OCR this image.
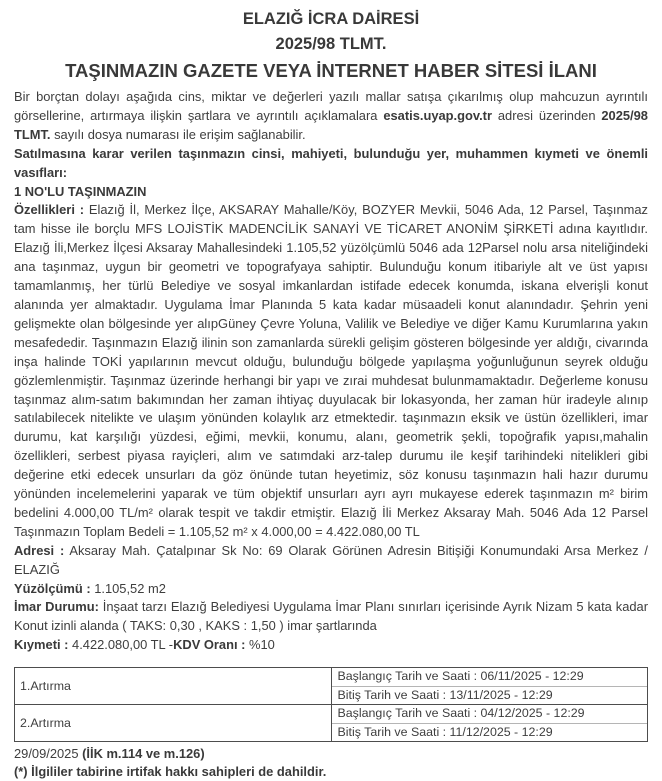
ELAZIĞ İCRA DAİRESİ

2025/98 TLMT.

TAŞINMAZIN GAZETE VEYA İNTERNET HABER SİTESİ İLANI

Bir borçtan dolayı aşağıda cins, miktar ve değerleri yazılı mallar satışa çıkarılmış olup mahcuzun ayrıntılı görsellerine, artırmaya ilişkin şartlara ve ayrıntılı açıklamalara esatis.uyap.gov.tr adresi üzerinden 2025/98 TLMT. sayılı dosya numarası ile erişim sağlanabilir.

Satılmasına karar verilen taşınmazın cinsi, mahiyeti, bulunduğu yer, muhammen kıymeti ve önemli vasıfları:

1 NO'LU TAŞINMAZIN

Özellikleri : Elazığ İl, Merkez İlçe, AKSARAY Mahalle/Köy, BOZYER Mevkii, 5046 Ada, 12 Parsel, Taşınmaz tam hisse ile borçlu MFS LOJİSTİK MADENCİLİK SANAYİ VE TİCARET ANONİM ŞİRKETİ adına kayıtlıdır. Elazığ İli,Merkez İlçesi Aksaray Mahallesindeki 1.105,52 yüzölçümlü 5046 ada 12Parsel nolu arsa niteliğindeki ana taşınmaz, uygun bir geometri ve topografyaya sahiptir. Bulunduğu konum itibariyle alt ve üst yapısı tamamlanmış, her türlü Belediye ve sosyal imkanlardan istifade edecek konumda, iskana elverişli konut alanında yer almaktadır. Uygulama İmar Planında 5 kata kadar müsaadeli konut alanındadır. Şehrin yeni gelişmekte olan bölgesinde yer alıpGüney Çevre Yoluna, Valilik ve Belediye ve diğer Kamu Kurumlarına yakın mesafededir. Taşınmazın Elazığ ilinin son zamanlarda sürekli gelişim gösteren bölgesinde yer aldığı, civarında inşa halinde TOKİ yapılarının mevcut olduğu, bulunduğu bölgede yapılaşma yoğunluğunun seyrek olduğu gözlemlenmiştir. Taşınmaz üzerinde herhangi bir yapı ve zırai muhdesat bulunmamaktadır. Değerleme konusu taşınmaz alım-satım bakımından her zaman ihtiyaç duyulacak bir lokasyonda, her zaman hür iradeyle alınıp satılabilecek nitelikte ve ulaşım yönünden kolaylık arz etmektedir. taşınmazın eksik ve üstün özellikleri, imar durumu, kat karşılığı yüzdesi, eğimi, mevkii, konumu, alanı, geometrik şekli, topoğrafik yapısı,mahalin özellikleri, serbest piyasa rayiçleri, alım ve satımdaki arz-talep durumu ile keşif tarihindeki nitelikleri gibi değerine etki edecek unsurları da göz önünde tutan heyetimiz, söz konusu taşınmazın hali hazır durumu yönünden incelemelerini yaparak ve tüm objektif unsurları ayrı ayrı mukayese ederek taşınmazın m² birim bedelini 4.000,00 TL/m² olarak tespit ve takdir etmiştir. Elazığ İli Merkez Aksaray Mah. 5046 Ada 12 Parsel Taşınmazın Toplam Bedeli = 1.105,52 m² x 4.000,00 = 4.422.080,00 TL

Adresi : Aksaray Mah. Çatalpınar Sk No: 69 Olarak Görünen Adresin Bitişiği Konumundaki Arsa Merkez / ELAZIĞ

Yüzölçümü : 1.105,52 m2

İmar Durumu: İnşaat tarzı Elazığ Belediyesi Uygulama İmar Planı sınırları içerisinde Ayrık Nizam 5 kata kadar Konut izinli alanda ( TAKS: 0,30 , KAKS : 1,50 ) imar şartlarında

Kıymeti : 4.422.080,00 TL -KDV Oranı : %10

1.Artırma	Başlangıç Tarih ve Saati : 06/11/2025 - 12:29
Bitiş Tarih ve Saati : 13/11/2025 - 12:29

2.Artırma	Başlangıç Tarih ve Saati : 04/12/2025 - 12:29
Bitiş Tarih ve Saati : 11/12/2025 - 12:29

29/09/2025 (İİK m.114 ve m.126)

(*) İlgililer tabirine irtifak hakkı sahipleri de dahildir.
